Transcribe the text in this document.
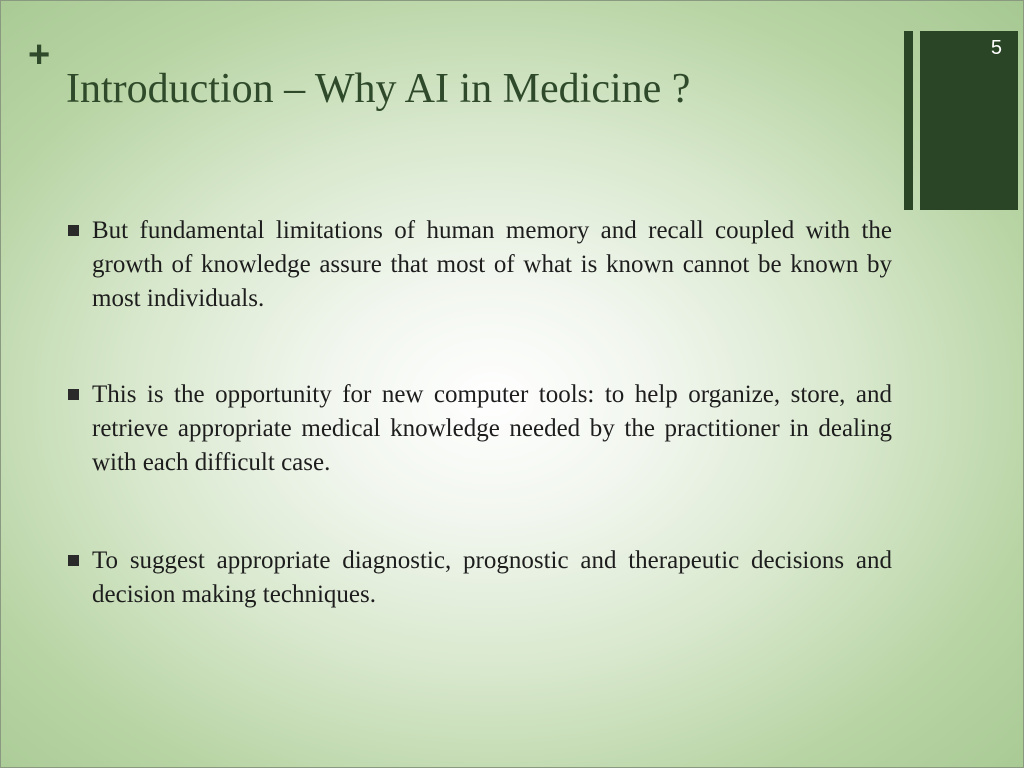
+
Introduction – Why AI in Medicine ?
5
But fundamental limitations of human memory and recall coupled with the growth of knowledge assure that most of what is known cannot be known by most individuals.
This is the opportunity for new computer tools: to help organize, store, and retrieve appropriate medical knowledge needed by the practitioner in dealing with each difficult case.
To suggest appropriate diagnostic, prognostic and therapeutic decisions and decision making techniques.
